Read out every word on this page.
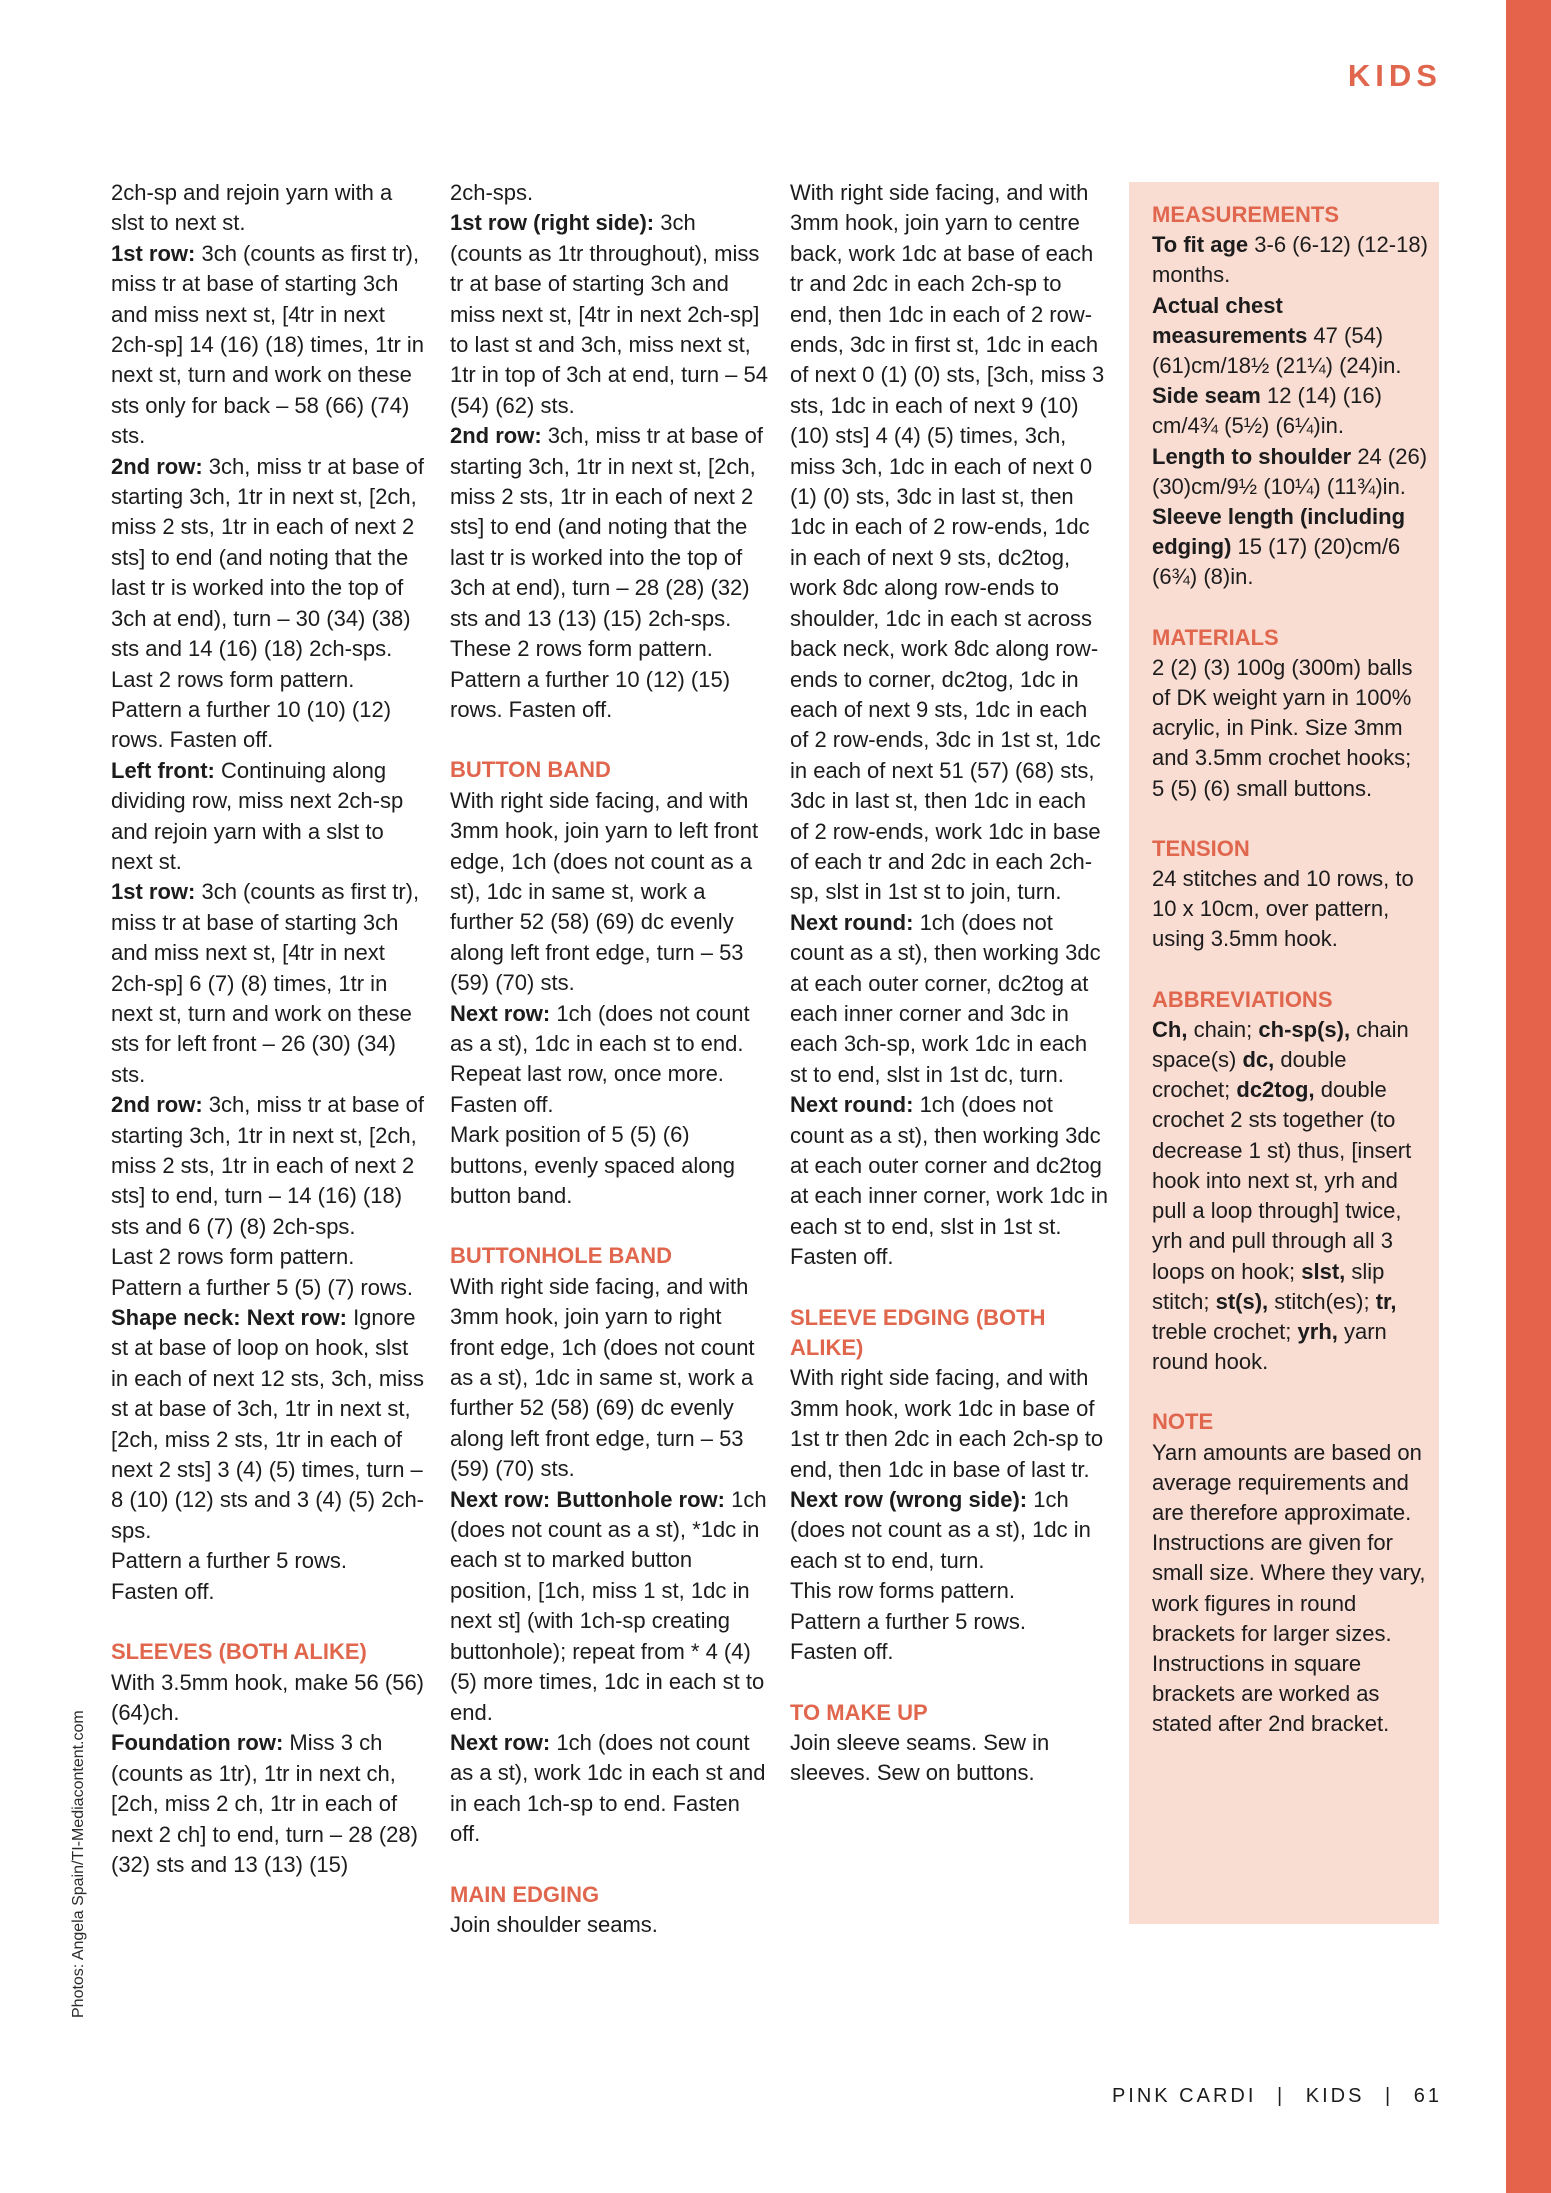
KIDS

2ch-sp and rejoin yarn with a slst to next st.

1st row: 3ch (counts as first tr), miss tr at base of starting 3ch and miss next st, [4tr in next 2ch-sp] 14 (16) (18) times, 1tr in next st, turn and work on these sts only for back – 58 (66) (74) sts.

2nd row: 3ch, miss tr at base of starting 3ch, 1tr in next st, [2ch, miss 2 sts, 1tr in each of next 2 sts] to end (and noting that the last tr is worked into the top of 3ch at end), turn – 30 (34) (38) sts and 14 (16) (18) 2ch-sps.

Last 2 rows form pattern.

Pattern a further 10 (10) (12) rows. Fasten off.

Left front: Continuing along dividing row, miss next 2ch-sp and rejoin yarn with a slst to next st.

1st row: 3ch (counts as first tr), miss tr at base of starting 3ch and miss next st, [4tr in next 2ch-sp] 6 (7) (8) times, 1tr in next st, turn and work on these sts for left front – 26 (30) (34) sts.

2nd row: 3ch, miss tr at base of starting 3ch, 1tr in next st, [2ch, miss 2 sts, 1tr in each of next 2 sts] to end, turn – 14 (16) (18) sts and 6 (7) (8) 2ch-sps.

Last 2 rows form pattern.

Pattern a further 5 (5) (7) rows.

Shape neck: Next row: Ignore st at base of loop on hook, slst in each of next 12 sts, 3ch, miss st at base of 3ch, 1tr in next st, [2ch, miss 2 sts, 1tr in each of next 2 sts] 3 (4) (5) times, turn – 8 (10) (12) sts and 3 (4) (5) 2ch-sps.

Pattern a further 5 rows.

Fasten off.

SLEEVES (BOTH ALIKE)

With 3.5mm hook, make 56 (56) (64)ch.

Foundation row: Miss 3 ch (counts as 1tr), 1tr in next ch, [2ch, miss 2 ch, 1tr in each of next 2 ch] to end, turn – 28 (28) (32) sts and 13 (13) (15)

2ch-sps.

1st row (right side): 3ch (counts as 1tr throughout), miss tr at base of starting 3ch and miss next st, [4tr in next 2ch-sp] to last st and 3ch, miss next st, 1tr in top of 3ch at end, turn – 54 (54) (62) sts.

2nd row: 3ch, miss tr at base of starting 3ch, 1tr in next st, [2ch, miss 2 sts, 1tr in each of next 2 sts] to end (and noting that the last tr is worked into the top of 3ch at end), turn – 28 (28) (32) sts and 13 (13) (15) 2ch-sps.

These 2 rows form pattern.

Pattern a further 10 (12) (15) rows. Fasten off.

BUTTON BAND

With right side facing, and with 3mm hook, join yarn to left front edge, 1ch (does not count as a st), 1dc in same st, work a further 52 (58) (69) dc evenly along left front edge, turn – 53 (59) (70) sts.

Next row: 1ch (does not count as a st), 1dc in each st to end.

Repeat last row, once more.

Fasten off.

Mark position of 5 (5) (6) buttons, evenly spaced along button band.

BUTTONHOLE BAND

With right side facing, and with 3mm hook, join yarn to right front edge, 1ch (does not count as a st), 1dc in same st, work a further 52 (58) (69) dc evenly along left front edge, turn – 53 (59) (70) sts.

Next row: Buttonhole row: 1ch (does not count as a st), *1dc in each st to marked button position, [1ch, miss 1 st, 1dc in next st] (with 1ch-sp creating buttonhole); repeat from * 4 (4) (5) more times, 1dc in each st to end.

Next row: 1ch (does not count as a st), work 1dc in each st and in each 1ch-sp to end. Fasten off.

MAIN EDGING

Join shoulder seams.

With right side facing, and with 3mm hook, join yarn to centre back, work 1dc at base of each tr and 2dc in each 2ch-sp to end, then 1dc in each of 2 row-ends, 3dc in first st, 1dc in each of next 0 (1) (0) sts, [3ch, miss 3 sts, 1dc in each of next 9 (10) (10) sts] 4 (4) (5) times, 3ch, miss 3ch, 1dc in each of next 0 (1) (0) sts, 3dc in last st, then 1dc in each of 2 row-ends, 1dc in each of next 9 sts, dc2tog, work 8dc along row-ends to shoulder, 1dc in each st across back neck, work 8dc along row-ends to corner, dc2tog, 1dc in each of next 9 sts, 1dc in each of 2 row-ends, 3dc in 1st st, 1dc in each of next 51 (57) (68) sts, 3dc in last st, then 1dc in each of 2 row-ends, work 1dc in base of each tr and 2dc in each 2ch-sp, slst in 1st st to join, turn.

Next round: 1ch (does not count as a st), then working 3dc at each outer corner, dc2tog at each inner corner and 3dc in each 3ch-sp, work 1dc in each st to end, slst in 1st dc, turn.

Next round: 1ch (does not count as a st), then working 3dc at each outer corner and dc2tog at each inner corner, work 1dc in each st to end, slst in 1st st.

Fasten off.

SLEEVE EDGING (BOTH ALIKE)

With right side facing, and with 3mm hook, work 1dc in base of 1st tr then 2dc in each 2ch-sp to end, then 1dc in base of last tr.

Next row (wrong side): 1ch (does not count as a st), 1dc in each st to end, turn.

This row forms pattern.

Pattern a further 5 rows.

Fasten off.

TO MAKE UP

Join sleeve seams. Sew in sleeves. Sew on buttons.

MEASUREMENTS

To fit age 3-6 (6-12) (12-18) months.

Actual chest measurements 47 (54) (61)cm/18½ (21¼) (24)in.

Side seam 12 (14) (16) cm/4¾ (5½) (6¼)in.

Length to shoulder 24 (26) (30)cm/9½ (10¼) (11¾)in.

Sleeve length (including edging) 15 (17) (20)cm/6 (6¾) (8)in.

MATERIALS

2 (2) (3) 100g (300m) balls of DK weight yarn in 100% acrylic, in Pink. Size 3mm and 3.5mm crochet hooks; 5 (5) (6) small buttons.

TENSION

24 stitches and 10 rows, to 10 x 10cm, over pattern, using 3.5mm hook.

ABBREVIATIONS

Ch, chain; ch-sp(s), chain space(s) dc, double crochet; dc2tog, double crochet 2 sts together (to decrease 1 st) thus, [insert hook into next st, yrh and pull a loop through] twice, yrh and pull through all 3 loops on hook; slst, slip stitch; st(s), stitch(es); tr, treble crochet; yrh, yarn round hook.

NOTE

Yarn amounts are based on average requirements and are therefore approximate. Instructions are given for small size. Where they vary, work figures in round brackets for larger sizes. Instructions in square brackets are worked as stated after 2nd bracket.

Photos: Angela Spain/TI-Mediacontent.com
PINK CARDI | KIDS | 61
